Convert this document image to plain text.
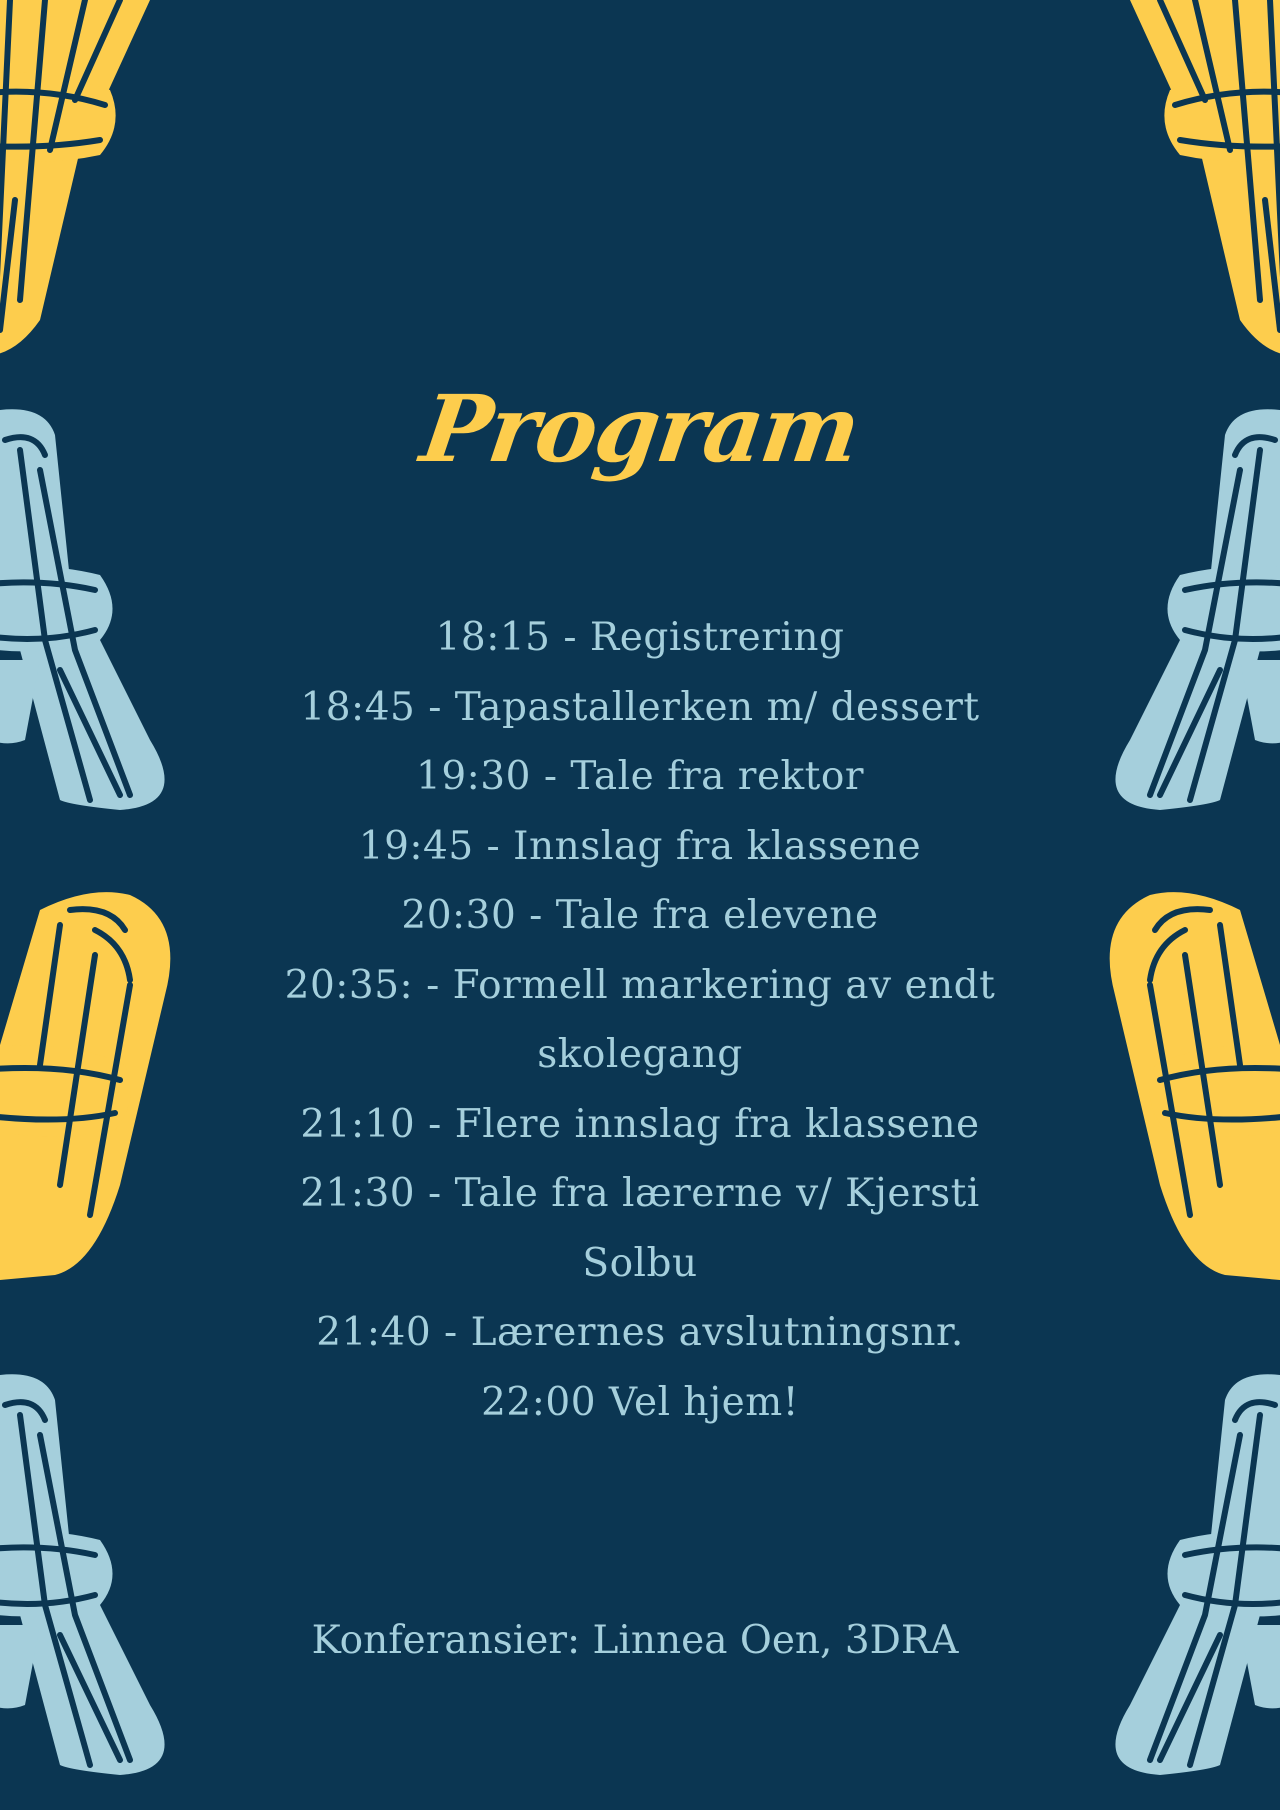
Program
18:15 - Registrering
18:45 - Tapastallerken m/ dessert
19:30 - Tale fra rektor
19:45 - Innslag fra klassene
20:30 - Tale fra elevene
20:35: - Formell markering av endt skolegang
21:10 - Flere innslag fra klassene
21:30 - Tale fra lærerne v/ Kjersti Solbu
21:40 - Lærernes avslutningsnr.
22:00 Vel hjem!
Konferansier: Linnea Oen, 3DRA
